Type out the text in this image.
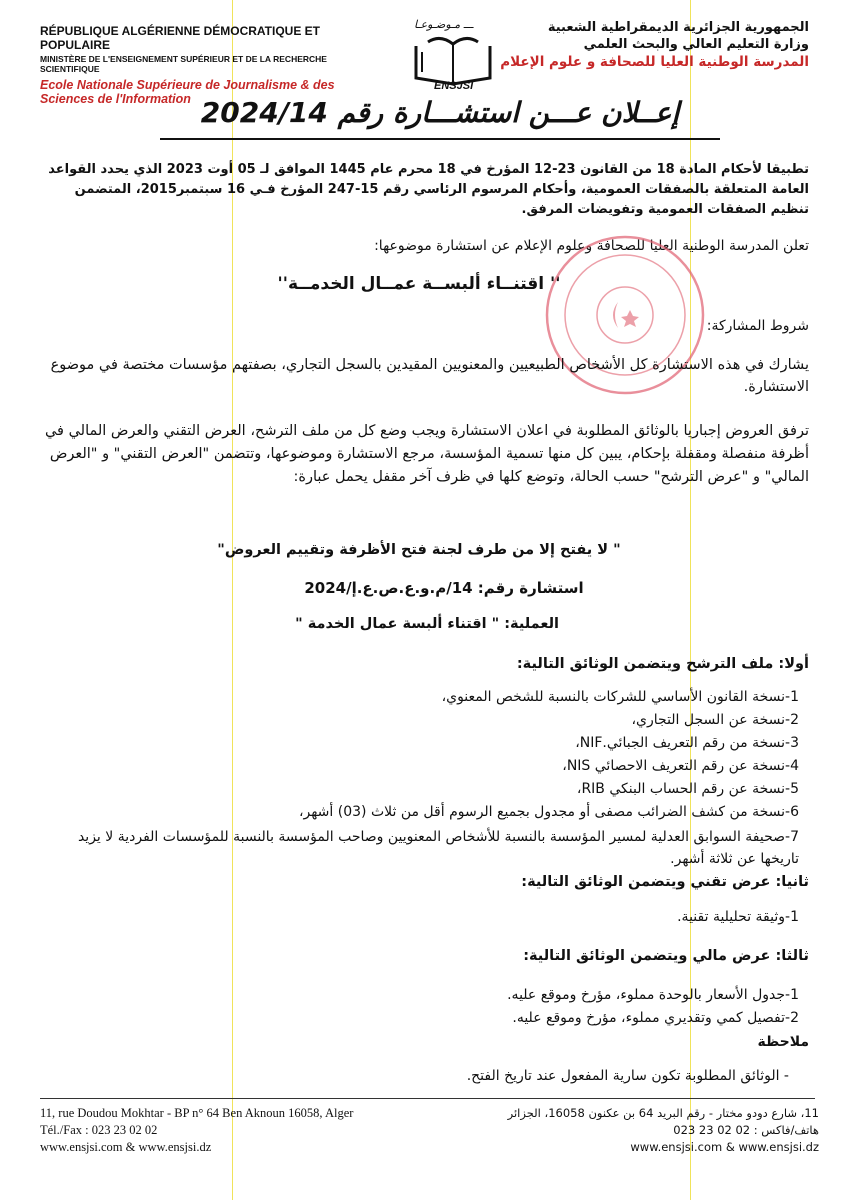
RÉPUBLIQUE ALGÉRIENNE DÉMOCRATIQUE ET POPULAIRE
MINISTÈRE DE L'ENSEIGNEMENT SUPÉRIEUR ET DE LA RECHERCHE SCIENTIFIQUE
Ecole Nationale Supérieure de Journalisme & des Sciences de l'Information
ـــ مـوضـوعـا
ENSJSI
الجمهورية الجزائرية الديمقراطية الشعبية
وزارة التعليم العالي والبحث العلمي
المدرسة الوطنية العليا للصحافة و علوم الإعلام
إعــلان عـــن استشـــارة رقم 2024/14
تطبيقا لأحكام المادة 18 من القانون 23-12 المؤرخ في 18 محرم عام 1445 الموافق لـ 05 أوت 2023 الذي يحدد القواعد العامة المتعلقة بالصفقات العمومية، وأحكام المرسوم الرئاسي رقم 15-247 المؤرخ فـي 16 سبتمبر2015، المتضمن تنظيم الصفقات العمومية وتفويضات المرفق.
تعلن المدرسة الوطنية العليا للصحافة وعلوم الإعلام عن استشارة موضوعها:
'' اقتنــاء ألبســة عمــال الخدمــة''
شروط المشاركة:
يشارك في هذه الاستشارة كل الأشخاص الطبيعيين والمعنويين المقيدين بالسجل التجاري، بصفتهم مؤسسات مختصة في موضوع الاستشارة.
ترفق العروض إجباريا بالوثائق المطلوبة في اعلان الاستشارة ويجب وضع كل من ملف الترشح، العرض التقني والعرض المالي في أظرفة منفصلة ومقفلة بإحكام، يبين كل منها تسمية المؤسسة، مرجع الاستشارة وموضوعها، وتتضمن "العرض التقني" و "العرض المالي" و "عرض الترشح" حسب الحالة، وتوضع كلها في ظرف آخر مقفل يحمل عبارة:
" لا يفتح إلا من طرف لجنة فتح الأظرفة وتقييم العروض"
استشارة رقم: 14/م.و.ع.ص.ع.إ/2024
العملية: " اقتناء ألبسة عمال الخدمة "
أولا: ملف الترشح ويتضمن الوثائق التالية:
1-نسخة القانون الأساسي للشركات بالنسبة للشخص المعنوي،
2-نسخة عن السجل التجاري،
3-نسخة من رقم التعريف الجبائي.NIF،
4-نسخة عن رقم التعريف الاحصائي NIS،
5-نسخة عن رقم الحساب البنكي RIB،
6-نسخة من كشف الضرائب مصفى أو مجدول بجميع الرسوم أقل من ثلاث (03) أشهر،
7-صحيفة السوابق العدلية لمسير المؤسسة بالنسبة للأشخاص المعنويين وصاحب المؤسسة بالنسبة للمؤسسات الفردية لا يزيد تاريخها عن ثلاثة أشهر.
ثانيا: عرض تقني ويتضمن الوثائق التالية:
1-وثيقة تحليلية تقنية.
ثالثا: عرض مالي ويتضمن الوثائق التالية:
1-جدول الأسعار بالوحدة مملوء، مؤرخ وموقع عليه.
2-تفصيل كمي وتقديري مملوء، مؤرخ وموقع عليه.
ملاحظة
- الوثائق المطلوبة تكون سارية المفعول عند تاريخ الفتح.
11, rue Doudou Mokhtar - BP n° 64 Ben Aknoun 16058, Alger
Tél./Fax : 023 23 02 02
www.ensjsi.com & www.ensjsi.dz
11، شارع دودو مختار - رقم البريد 64 بن عكنون 16058، الجزائر
هاتف/فاكس : 02 02 23 023
www.ensjsi.com & www.ensjsi.dz
